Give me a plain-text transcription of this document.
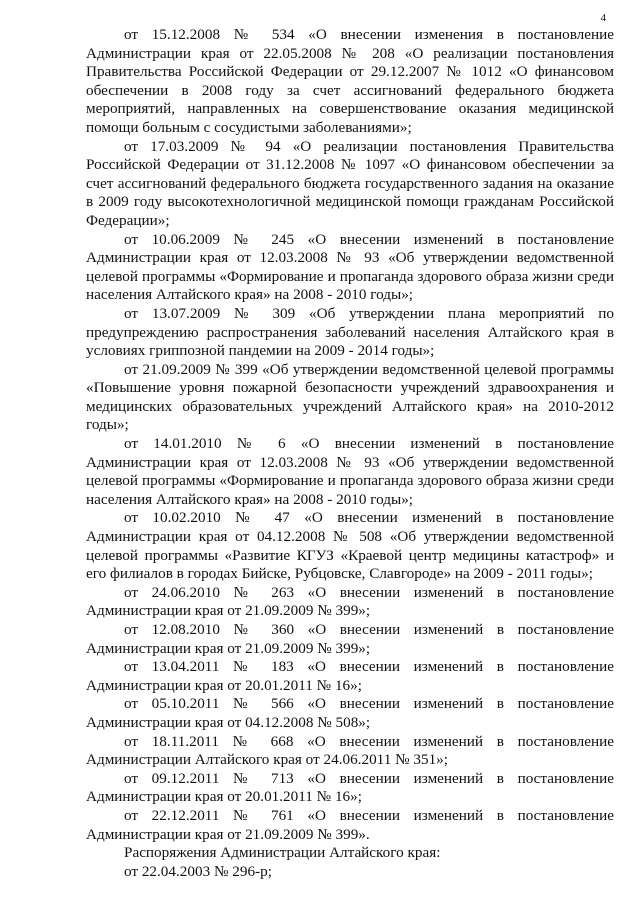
4

от 15.12.2008 № 534 «О внесении изменения в постановление Администрации края от 22.05.2008 № 208 «О реализации постановления Правительства Российской Федерации от 29.12.2007 № 1012 «О финансовом обеспечении в 2008 году за счет ассигнований федерального бюджета мероприятий, направленных на совершенствование оказания медицинской помощи больным с сосудистыми заболеваниями»;

от 17.03.2009 № 94 «О реализации постановления Правительства Российской Федерации от 31.12.2008 № 1097 «О финансовом обеспечении за счет ассигнований федерального бюджета государственного задания на оказание в 2009 году высокотехнологичной медицинской помощи гражданам Российской Федерации»;

от 10.06.2009 № 245 «О внесении изменений в постановление Администрации края от 12.03.2008 № 93 «Об утверждении ведомственной целевой программы «Формирование и пропаганда здорового образа жизни среди населения Алтайского края» на 2008 - 2010 годы»;

от 13.07.2009 № 309 «Об утверждении плана мероприятий по предупреждению распространения заболеваний населения Алтайского края в условиях гриппозной пандемии на 2009 - 2014 годы»;

от 21.09.2009 № 399 «Об утверждении ведомственной целевой программы «Повышение уровня пожарной безопасности учреждений здравоохранения и медицинских образовательных учреждений Алтайского края» на 2010-2012 годы»;

от 14.01.2010 № 6 «О внесении изменений в постановление Администрации края от 12.03.2008 № 93 «Об утверждении ведомственной целевой программы «Формирование и пропаганда здорового образа жизни среди населения Алтайского края» на 2008 - 2010 годы»;

от 10.02.2010 № 47 «О внесении изменений в постановление Администрации края от 04.12.2008 № 508 «Об утверждении ведомственной целевой программы «Развитие КГУЗ «Краевой центр медицины катастроф» и его филиалов в городах Бийске, Рубцовске, Славгороде» на 2009 - 2011 годы»;

от 24.06.2010 № 263 «О внесении изменений в постановление Администрации края от 21.09.2009 № 399»;

от 12.08.2010 № 360 «О внесении изменений в постановление Администрации края от 21.09.2009 № 399»;

от 13.04.2011 № 183 «О внесении изменений в постановление Администрации края от 20.01.2011 № 16»;

от 05.10.2011 № 566 «О внесении изменений в постановление Администрации края от 04.12.2008 № 508»;

от 18.11.2011 № 668 «О внесении изменений в постановление Администрации Алтайского края от 24.06.2011 № 351»;

от 09.12.2011 № 713 «О внесении изменений в постановление Администрации края от 20.01.2011 № 16»;

от 22.12.2011 № 761 «О внесении изменений в постановление Администрации края от 21.09.2009 № 399».

Распоряжения Администрации Алтайского края:

от 22.04.2003 № 296-р;
